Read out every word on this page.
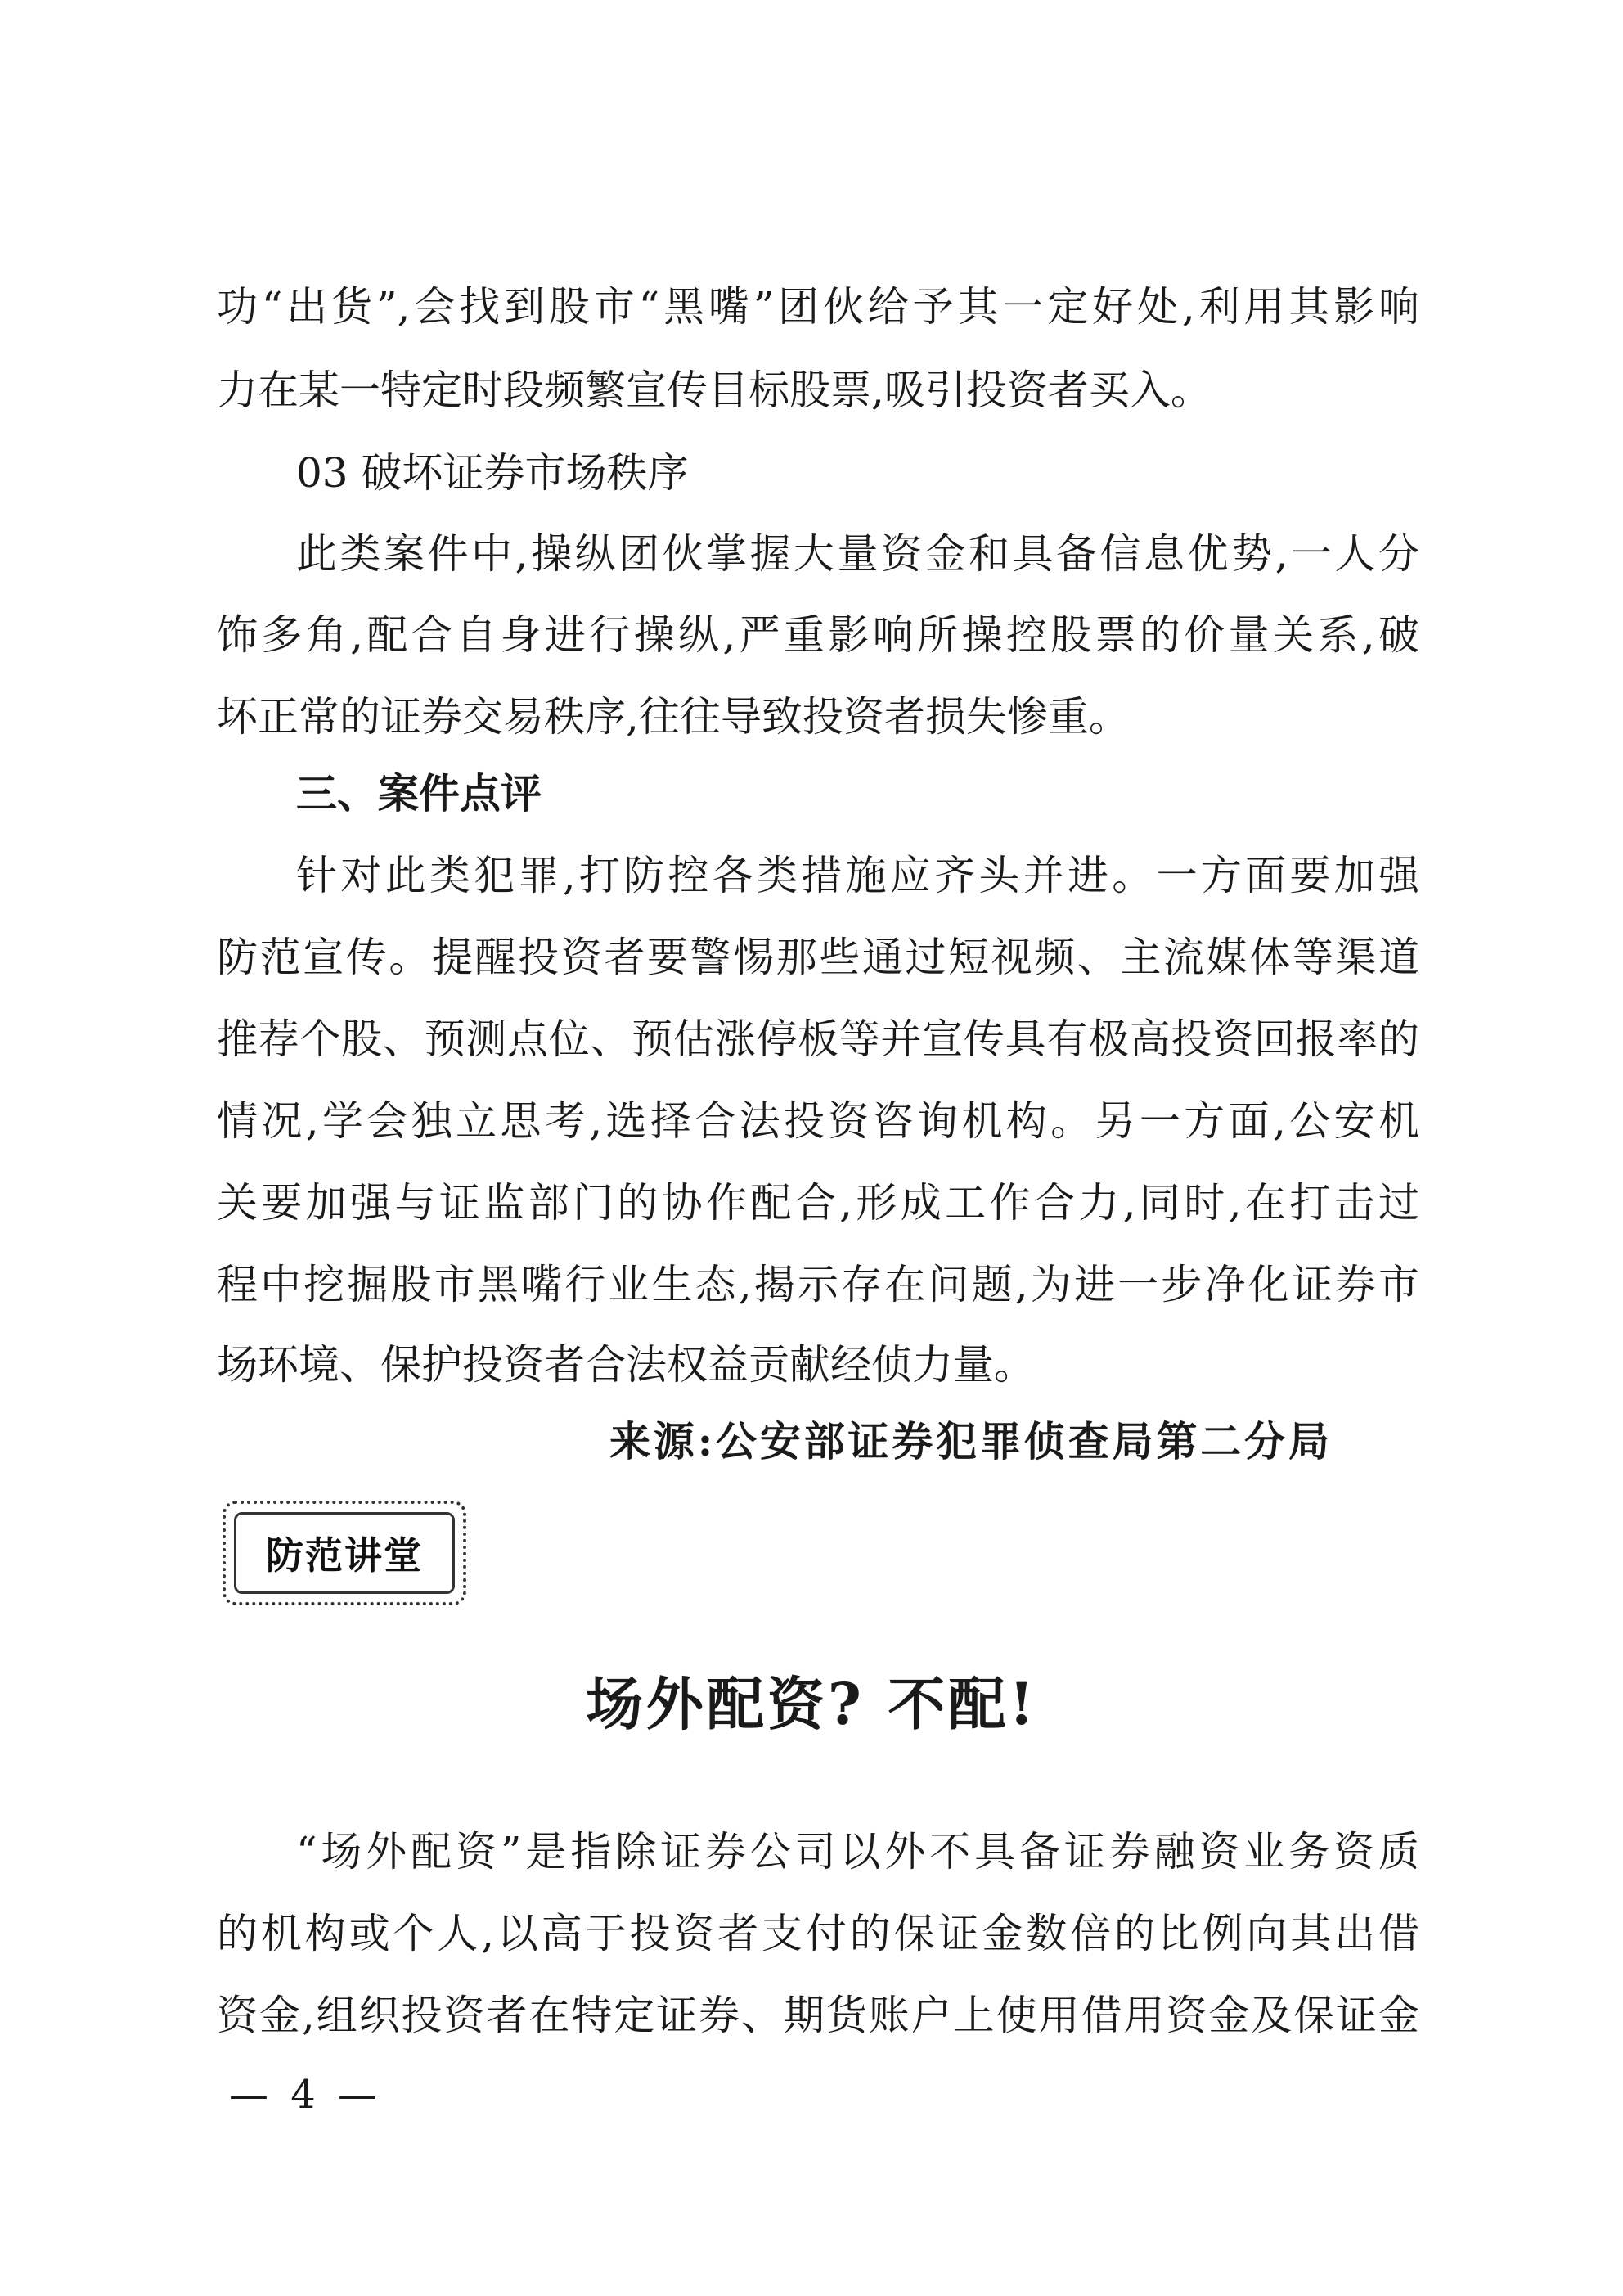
功“出货”,会找到股市“黑嘴”团伙给予其一定好处,利用其影响
力在某一特定时段频繁宣传目标股票,吸引投资者买入。
03 破坏证券市场秩序
此类案件中,操纵团伙掌握大量资金和具备信息优势,一人分
饰多角,配合自身进行操纵,严重影响所操控股票的价量关系,破
坏正常的证券交易秩序,往往导致投资者损失惨重。
三、案件点评
针对此类犯罪,打防控各类措施应齐头并进。一方面要加强
防范宣传。提醒投资者要警惕那些通过短视频、主流媒体等渠道
推荐个股、预测点位、预估涨停板等并宣传具有极高投资回报率的
情况,学会独立思考,选择合法投资咨询机构。另一方面,公安机
关要加强与证监部门的协作配合,形成工作合力,同时,在打击过
程中挖掘股市黑嘴行业生态,揭示存在问题,为进一步净化证券市
场环境、保护投资者合法权益贡献经侦力量。
来源:公安部证券犯罪侦查局第二分局
防范讲堂
场外配资? 不配!
“场外配资”是指除证券公司以外不具备证券融资业务资质
的机构或个人,以高于投资者支付的保证金数倍的比例向其出借
资金,组织投资者在特定证券、期货账户上使用借用资金及保证金
— 4 —
